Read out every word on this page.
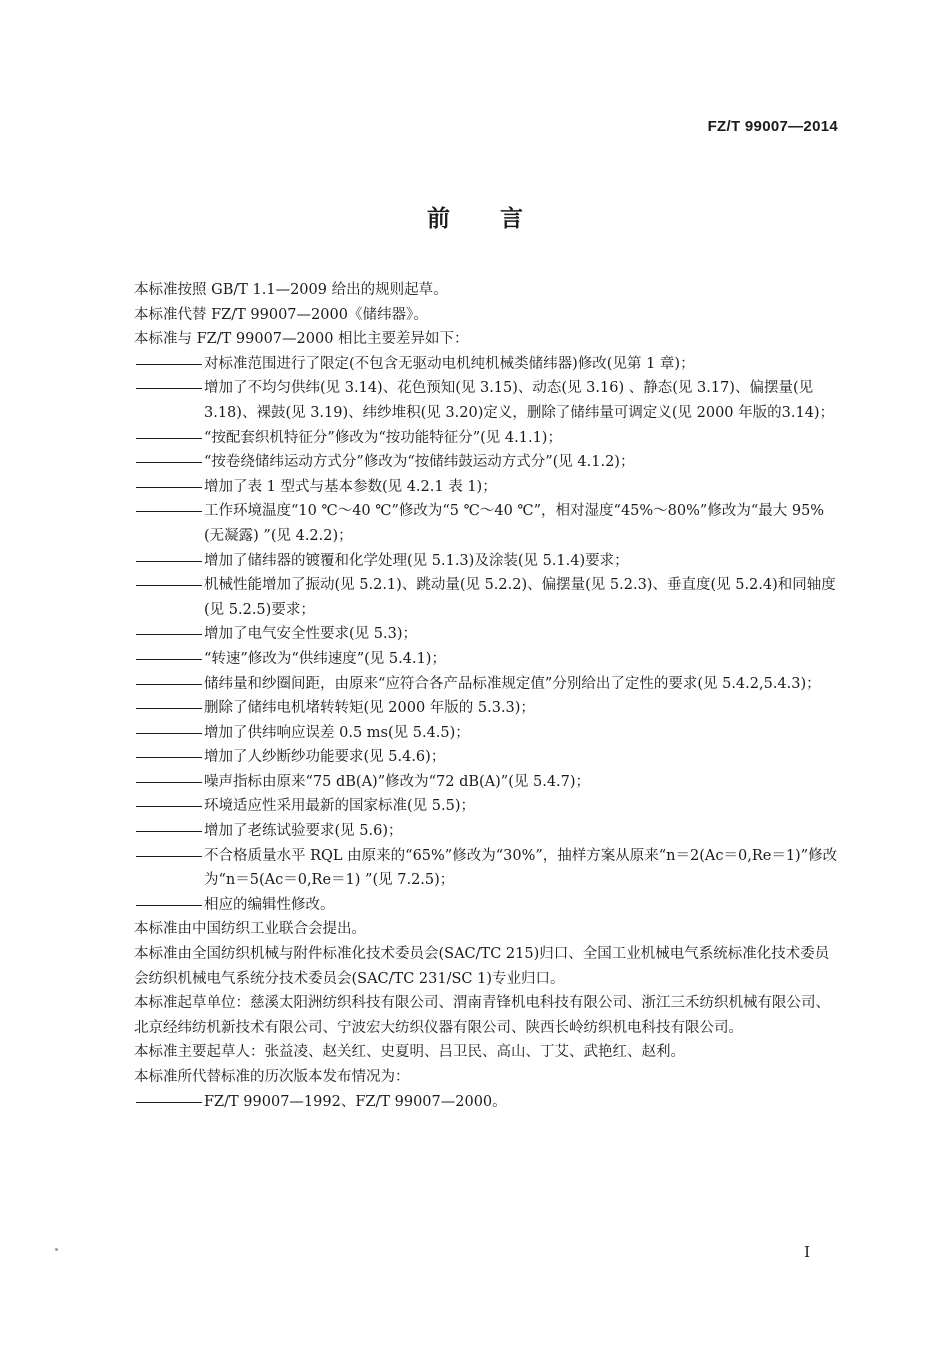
FZ/T 99007—2014
前言
本标准按照 GB/T 1.1—2009 给出的规则起草。
本标准代替 FZ/T 99007—2000《储纬器》。
本标准与 FZ/T 99007—2000 相比主要差异如下：
对标准范围进行了限定(不包含无驱动电机纯机械类储纬器)修改(见第 1 章)；
增加了不均匀供纬(见 3.14)、花色预知(见 3.15)、动态(见 3.16) 、静态(见 3.17)、偏摆量(见 3.18)、裸鼓(见 3.19)、纬纱堆积(见 3.20)定义，删除了储纬量可调定义(见 2000 年版的3.14)；
“按配套织机特征分”修改为“按功能特征分”(见 4.1.1)；
“按卷绕储纬运动方式分”修改为“按储纬鼓运动方式分”(见 4.1.2)；
增加了表 1 型式与基本参数(见 4.2.1 表 1)；
工作环境温度“10 ℃～40 ℃”修改为“5 ℃～40 ℃”，相对湿度“45%～80%”修改为“最大 95%(无凝露) ”(见 4.2.2)；
增加了储纬器的镀覆和化学处理(见 5.1.3)及涂装(见 5.1.4)要求；
机械性能增加了振动(见 5.2.1)、跳动量(见 5.2.2)、偏摆量(见 5.2.3)、垂直度(见 5.2.4)和同轴度(见 5.2.5)要求；
增加了电气安全性要求(见 5.3)；
“转速”修改为“供纬速度”(见 5.4.1)；
储纬量和纱圈间距，由原来“应符合各产品标准规定值”分别给出了定性的要求(见 5.4.2,5.4.3)；
删除了储纬电机堵转转矩(见 2000 年版的 5.3.3)；
增加了供纬响应误差 0.5 ms(见 5.4.5)；
增加了人纱断纱功能要求(见 5.4.6)；
噪声指标由原来“75 dB(A)”修改为“72 dB(A)”(见 5.4.7)；
环境适应性采用最新的国家标准(见 5.5)；
增加了老练试验要求(见 5.6)；
不合格质量水平 RQL 由原来的“65%”修改为“30%”，抽样方案从原来“n＝2(Ac＝0,Re＝1)”修改为“n＝5(Ac＝0,Re＝1) ”(见 7.2.5)；
相应的编辑性修改。
本标准由中国纺织工业联合会提出。
本标准由全国纺织机械与附件标准化技术委员会(SAC/TC 215)归口、全国工业机械电气系统标准化技术委员会纺织机械电气系统分技术委员会(SAC/TC 231/SC 1)专业归口。
本标准起草单位：慈溪太阳洲纺织科技有限公司、渭南青锋机电科技有限公司、浙江三禾纺织机械有限公司、北京经纬纺机新技术有限公司、宁波宏大纺织仪器有限公司、陕西长岭纺织机电科技有限公司。
本标准主要起草人：张益凌、赵关红、史夏明、吕卫民、高山、丁艾、武艳红、赵利。
本标准所代替标准的历次版本发布情况为：
FZ/T 99007—1992、FZ/T 99007—2000。
I
